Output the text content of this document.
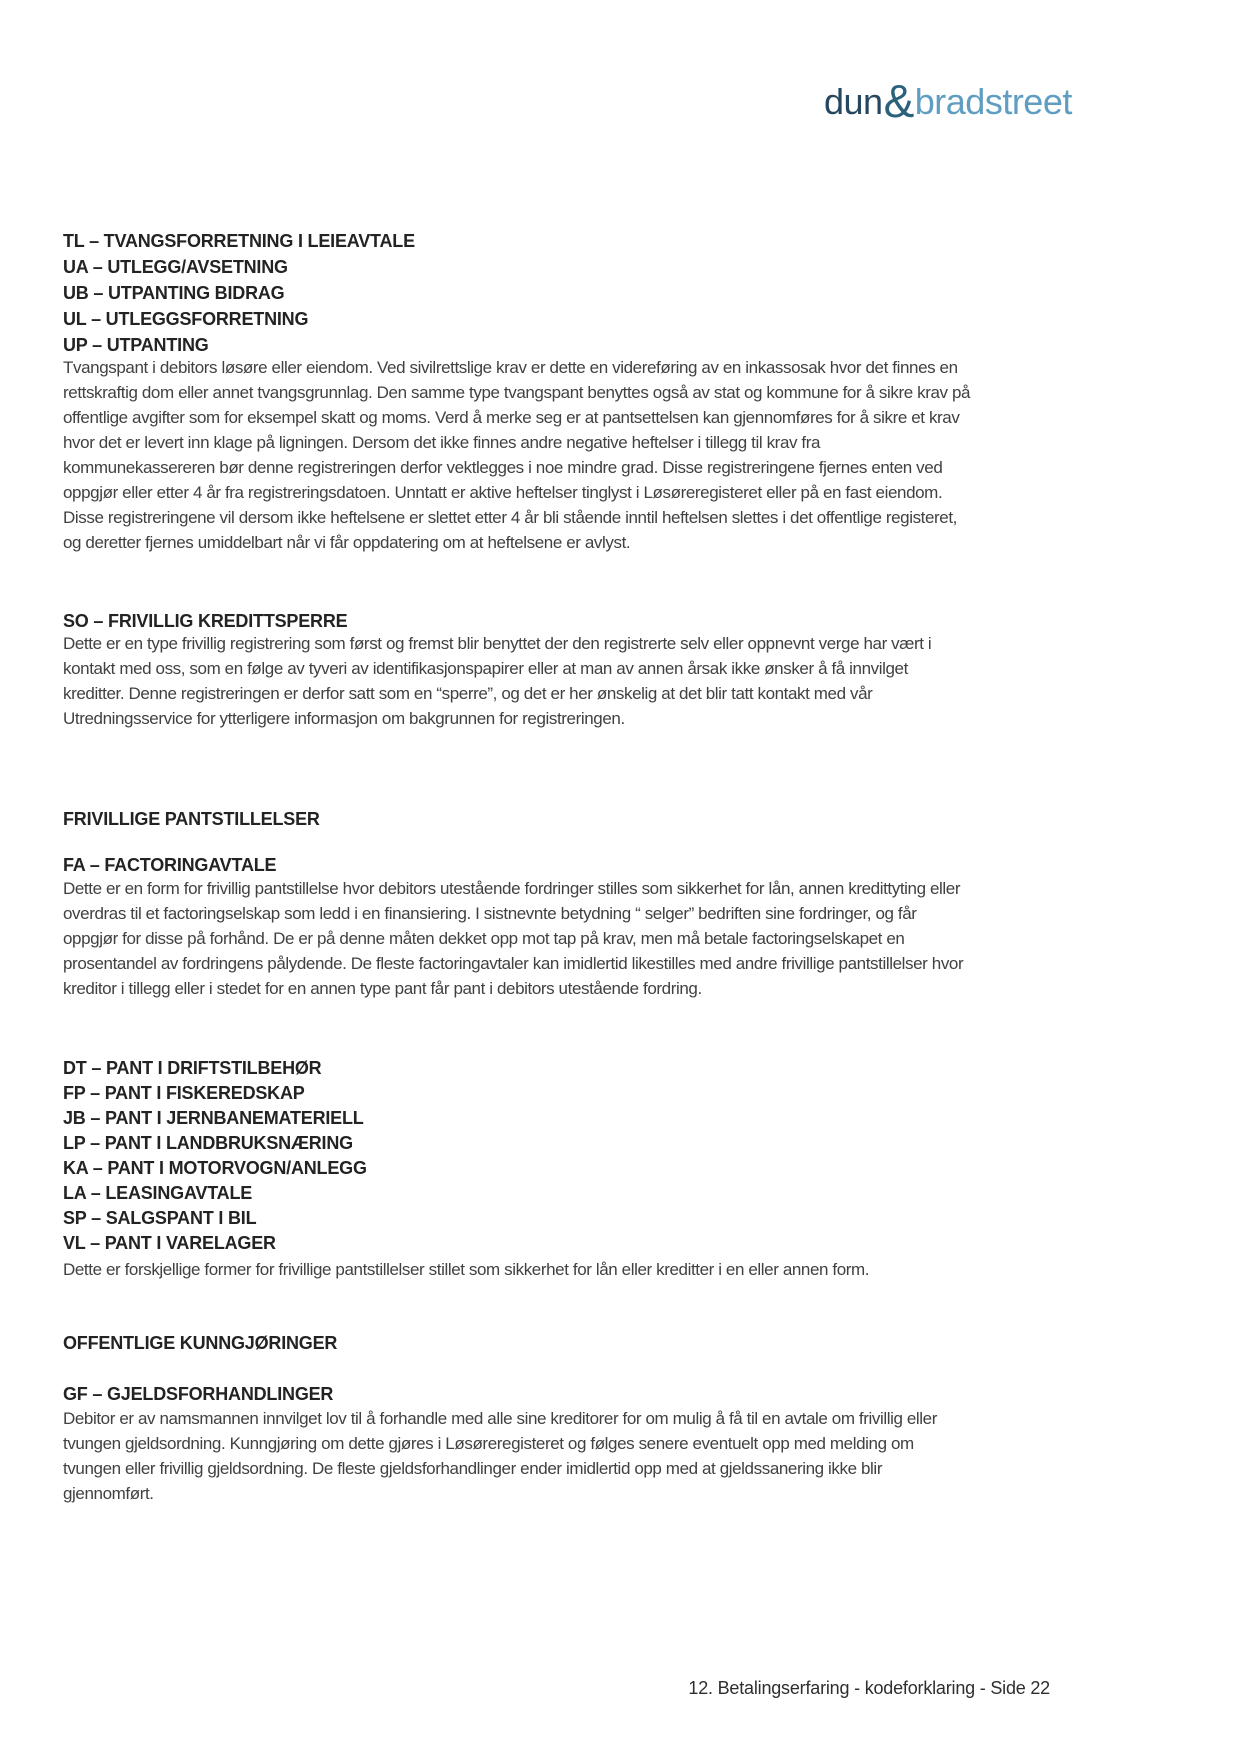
dun&bradstreet
TL – TVANGSFORRETNING I LEIEAVTALE
UA – UTLEGG/AVSETNING
UB – UTPANTING BIDRAG
UL – UTLEGGSFORRETNING
UP – UTPANTING

Tvangspant i debitors løsøre eller eiendom. Ved sivilrettslige krav er dette en videreføring av en inkassosak hvor det finnes en rettskraftig dom eller annet tvangsgrunnlag. Den samme type tvangspant benyttes også av stat og kommune for å sikre krav på offentlige avgifter som for eksempel skatt og moms. Verd å merke seg er at pantsettelsen kan gjennomføres for å sikre et krav hvor det er levert inn klage på ligningen. Dersom det ikke finnes andre negative heftelser i tillegg til krav fra kommunekassereren bør denne registreringen derfor vektlegges i noe mindre grad. Disse registreringene fjernes enten ved oppgjør eller etter 4 år fra registreringsdatoen. Unntatt er aktive heftelser tinglyst i Løsøreregisteret eller på en fast eiendom. Disse registreringene vil dersom ikke heftelsene er slettet etter 4 år bli stående inntil heftelsen slettes i det offentlige registeret, og deretter fjernes umiddelbart når vi får oppdatering om at heftelsene er avlyst.

SO – FRIVILLIG KREDITTSPERRE

Dette er en type frivillig registrering som først og fremst blir benyttet der den registrerte selv eller oppnevnt verge har vært i kontakt med oss, som en følge av tyveri av identifikasjonspapirer eller at man av annen årsak ikke ønsker å få innvilget kreditter. Denne registreringen er derfor satt som en “sperre”, og det er her ønskelig at det blir tatt kontakt med vår Utredningsservice for ytterligere informasjon om bakgrunnen for registreringen.

FRIVILLIGE PANTSTILLELSER
FA – FACTORINGAVTALE

Dette er en form for frivillig pantstillelse hvor debitors utestående fordringer stilles som sikkerhet for lån, annen kredittyting eller overdras til et factoringselskap som ledd i en finansiering. I sistnevnte betydning “ selger” bedriften sine fordringer, og får oppgjør for disse på forhånd. De er på denne måten dekket opp mot tap på krav, men må betale factoringselskapet en prosentandel av fordringens pålydende. De fleste factoringavtaler kan imidlertid likestilles med andre frivillige pantstillelser hvor kreditor i tillegg eller i stedet for en annen type pant får pant i debitors utestående fordring.

DT – PANT I DRIFTSTILBEHØR
FP – PANT I FISKEREDSKAP
JB – PANT I JERNBANEMATERIELL
LP – PANT I LANDBRUKSNÆRING
KA – PANT I MOTORVOGN/ANLEGG
LA – LEASINGAVTALE
SP – SALGSPANT I BIL
VL – PANT I VARELAGER

Dette er forskjellige former for frivillige pantstillelser stillet som sikkerhet for lån eller kreditter i en eller annen form.

OFFENTLIGE KUNNGJØRINGER
GF – GJELDSFORHANDLINGER

Debitor er av namsmannen innvilget lov til å forhandle med alle sine kreditorer for om mulig å få til en avtale om frivillig eller tvungen gjeldsordning. Kunngjøring om dette gjøres i Løsøreregisteret og følges senere eventuelt opp med melding om tvungen eller frivillig gjeldsordning. De fleste gjeldsforhandlinger ender imidlertid opp med at gjeldssanering ikke blir gjennomført.

12. Betalingserfaring - kodeforklaring - Side 22
